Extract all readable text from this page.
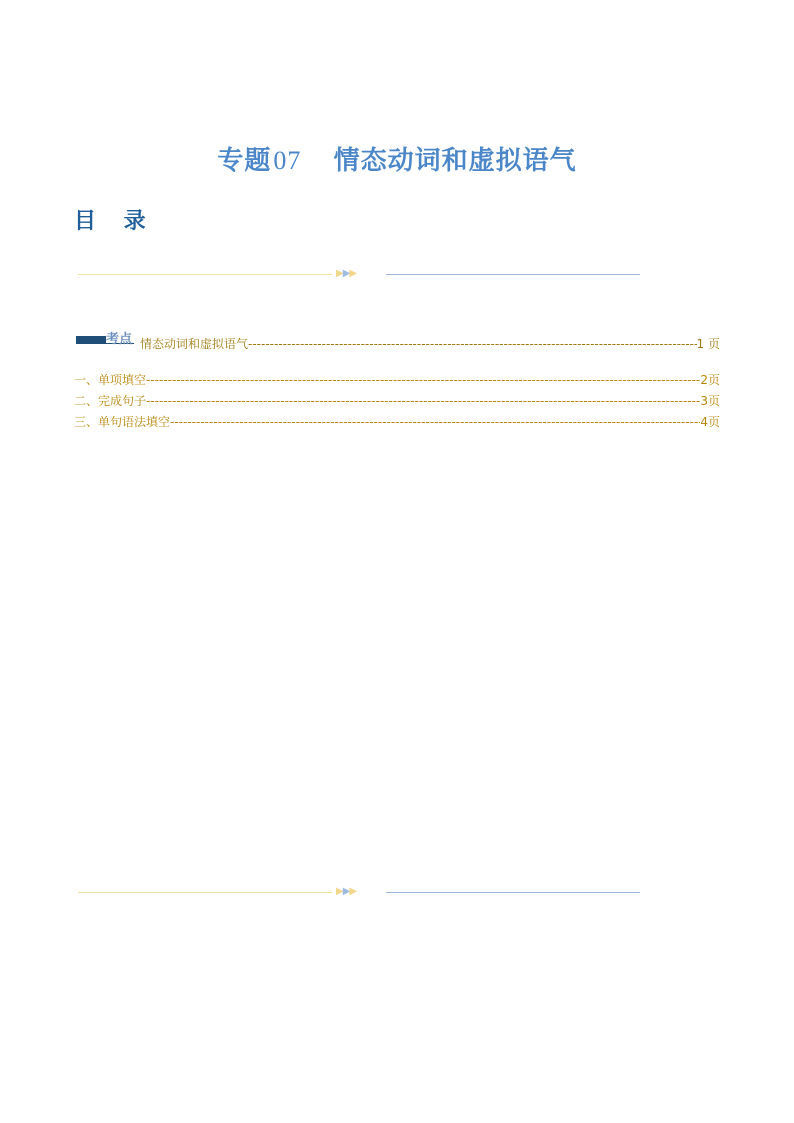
专题07 情态动词和虚拟语气
目 录
▶▶▶
考点 情态动词和虚拟语气 -----	1 页
一、单项填空 -----	2页
二、完成句子 -----	3页
三、单句语法填空 -----	4页
▶▶▶
